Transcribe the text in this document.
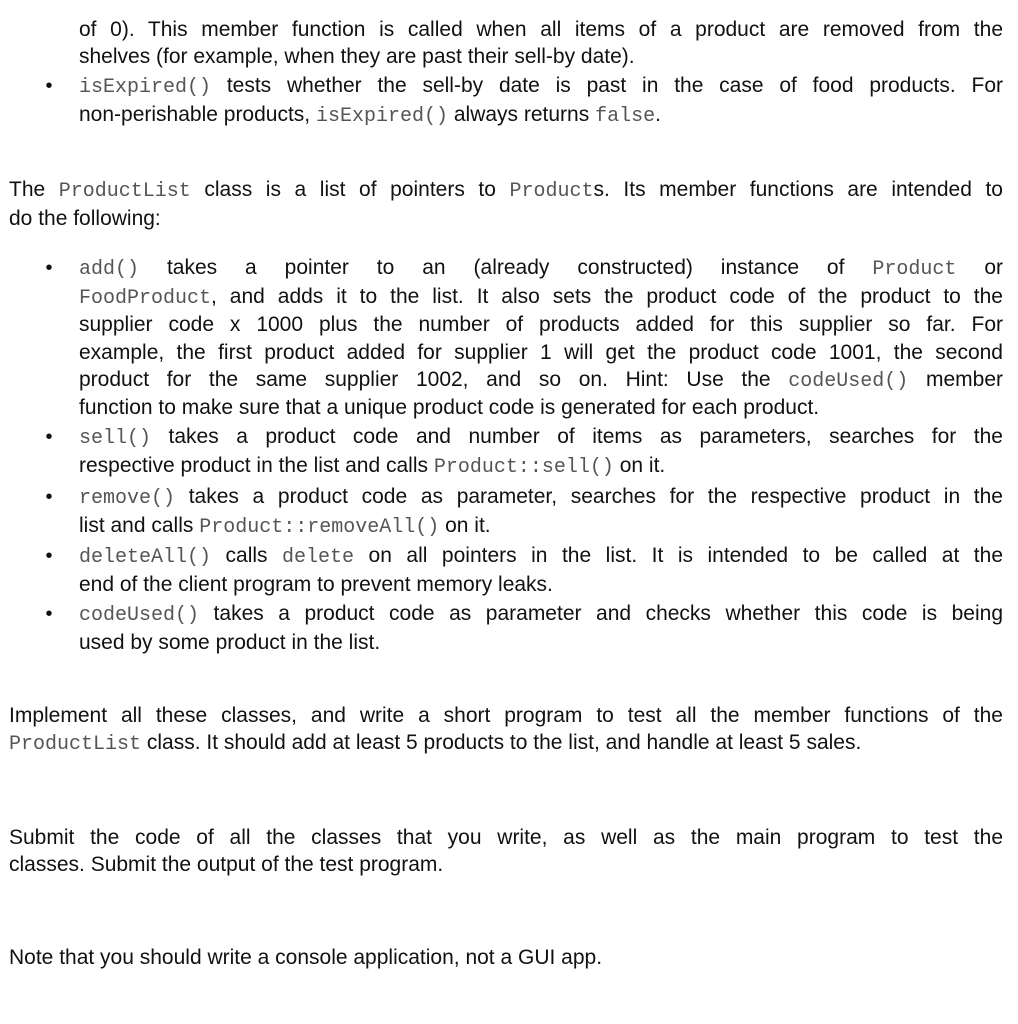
of 0). This member function is called when all items of a product are removed from the
shelves (for example, when they are past their sell-by date).
•	isExpired() tests whether the sell-by date is past in the case of food products. For
non-perishable products, isExpired() always returns false.
The ProductList class is a list of pointers to Products. Its member functions are intended to
do the following:
•	add() takes a pointer to an (already constructed) instance of Product or
FoodProduct, and adds it to the list. It also sets the product code of the product to the
supplier code x 1000 plus the number of products added for this supplier so far. For
example, the first product added for supplier 1 will get the product code 1001, the second
product for the same supplier 1002, and so on. Hint: Use the codeUsed() member
function to make sure that a unique product code is generated for each product.
•	sell() takes a product code and number of items as parameters, searches for the
respective product in the list and calls Product::sell() on it.
•	remove() takes a product code as parameter, searches for the respective product in the
list and calls Product::removeAll() on it.
•	deleteAll() calls delete on all pointers in the list. It is intended to be called at the
end of the client program to prevent memory leaks.
•	codeUsed() takes a product code as parameter and checks whether this code is being
used by some product in the list.
Implement all these classes, and write a short program to test all the member functions of the
ProductList class. It should add at least 5 products to the list, and handle at least 5 sales.
Submit the code of all the classes that you write, as well as the main program to test the
classes. Submit the output of the test program.
Note that you should write a console application, not a GUI app.
